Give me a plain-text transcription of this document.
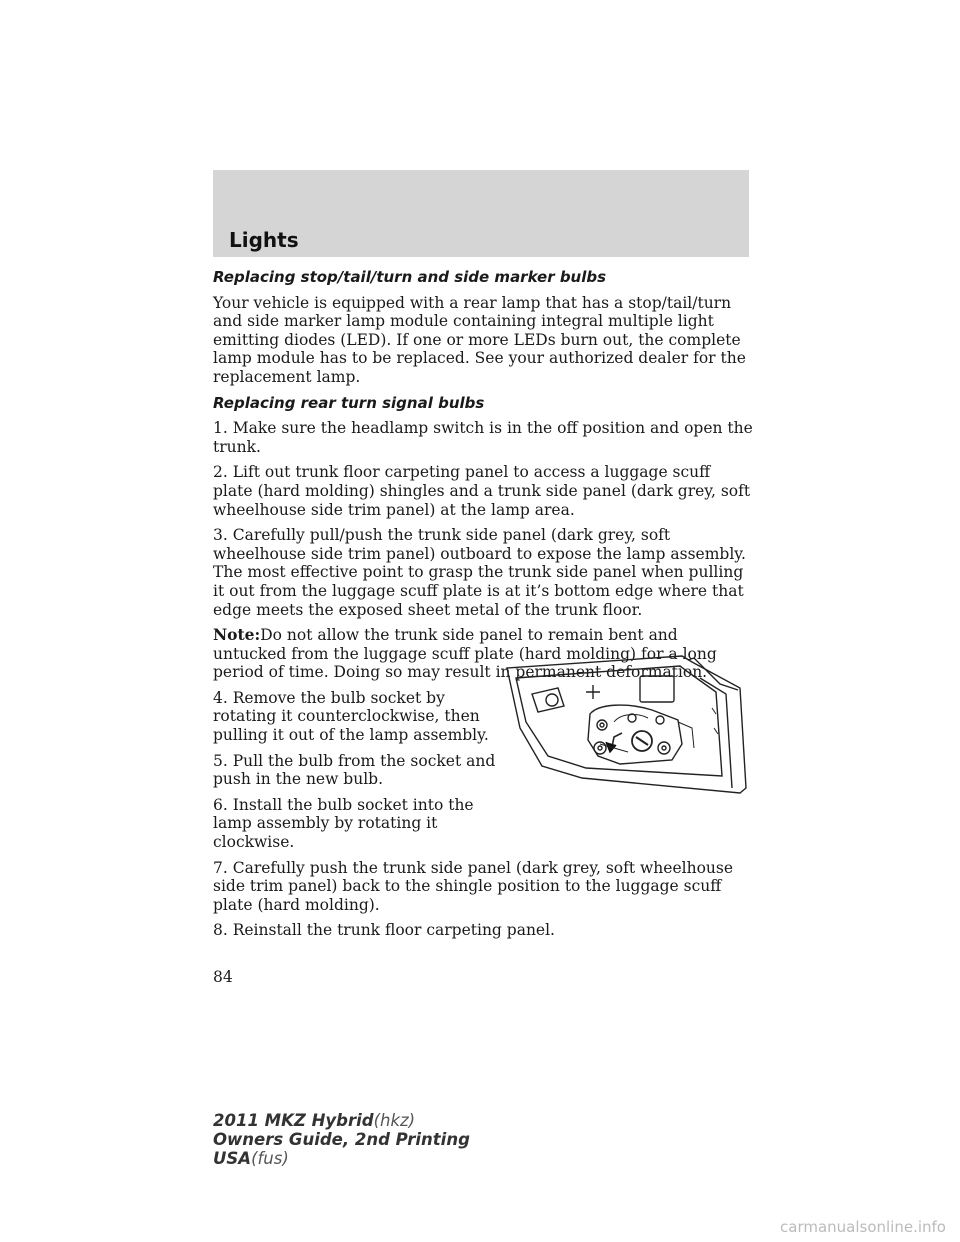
Lights
Replacing stop/tail/turn and side marker bulbs

Your vehicle is equipped with a rear lamp that has a stop/tail/turn and side marker lamp module containing integral multiple light emitting diodes (LED). If one or more LEDs burn out, the complete lamp module has to be replaced. See your authorized dealer for the replacement lamp.

Replacing rear turn signal bulbs

1. Make sure the headlamp switch is in the off position and open the trunk.

2. Lift out trunk floor carpeting panel to access a luggage scuff plate (hard molding) shingles and a trunk side panel (dark grey, soft wheelhouse side trim panel) at the lamp area.

3. Carefully pull/push the trunk side panel (dark grey, soft wheelhouse side trim panel) outboard to expose the lamp assembly. The most effective point to grasp the trunk side panel when pulling it out from the luggage scuff plate is at it’s bottom edge where that edge meets the exposed sheet metal of the trunk floor.

Note:Do not allow the trunk side panel to remain bent and untucked from the luggage scuff plate (hard molding) for a long period of time. Doing so may result in permanent deformation.

4. Remove the bulb socket by rotating it counterclockwise, then pulling it out of the lamp assembly.

5. Pull the bulb from the socket and push in the new bulb.

6. Install the bulb socket into the lamp assembly by rotating it clockwise.

7. Carefully push the trunk side panel (dark grey, soft wheelhouse side trim panel) back to the shingle position to the luggage scuff plate (hard molding).

8. Reinstall the trunk floor carpeting panel.

84
2011 MKZ Hybrid(hkz)
Owners Guide, 2nd Printing
USA(fus)
carmanualsonline.info
